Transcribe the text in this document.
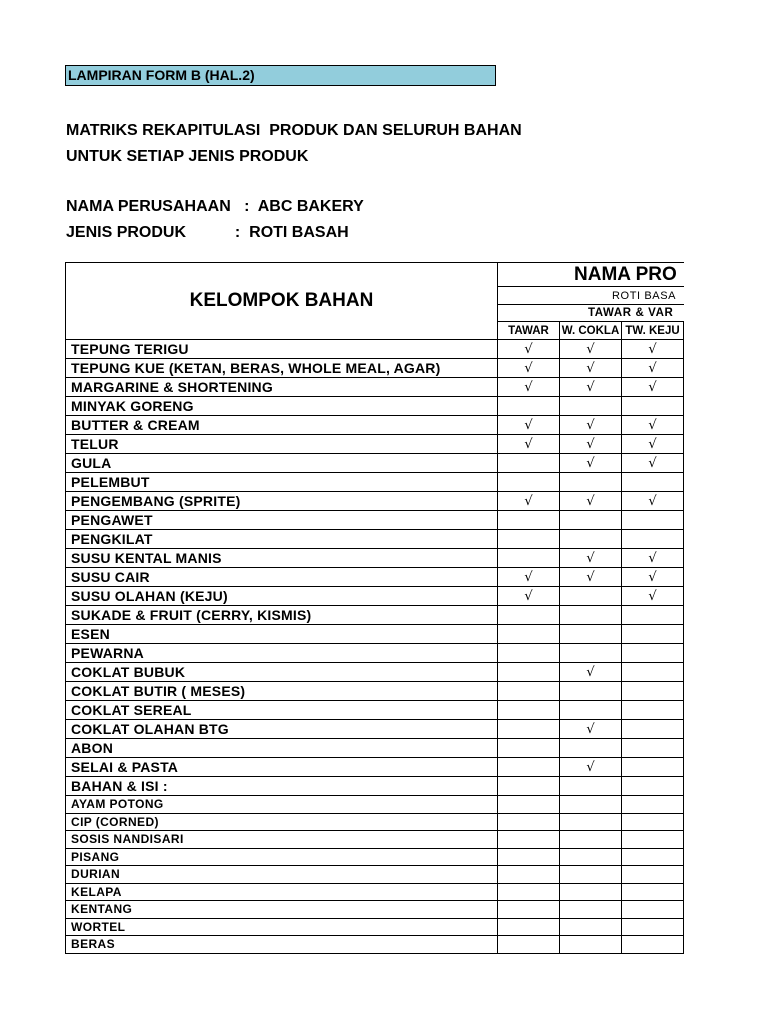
LAMPIRAN FORM B (HAL.2)
MATRIKS REKAPITULASI  PRODUK DAN SELURUH BAHAN
UNTUK SETIAP JENIS PRODUK
NAMA PERUSAHAAN   :  ABC BAKERY
JENIS PRODUK           :  ROTI BASAH
KELOMPOK BAHAN	NAMA PRO			
	ROTI BASA			
	TAWAR & VAR			
	TAWAR	W. COKLA	TW. KEJU	
TEPUNG TERIGU	√	√	√	
TEPUNG KUE (KETAN, BERAS, WHOLE MEAL, AGAR)	√	√	√	
MARGARINE & SHORTENING	√	√	√	
MINYAK GORENG				
BUTTER & CREAM	√	√	√	
TELUR	√	√	√	
GULA		√	√	
PELEMBUT				
PENGEMBANG (SPRITE)	√	√	√	
PENGAWET				
PENGKILAT				
SUSU KENTAL MANIS		√	√	
SUSU CAIR	√	√	√	
SUSU OLAHAN (KEJU)	√		√	
SUKADE & FRUIT (CERRY, KISMIS)				
ESEN				
PEWARNA				
COKLAT BUBUK		√		
COKLAT BUTIR ( MESES)				
COKLAT SEREAL				
COKLAT OLAHAN BTG		√		
ABON				
SELAI & PASTA		√		
BAHAN & ISI :				
AYAM POTONG				
CIP (CORNED)				
SOSIS NANDISARI				
PISANG				
DURIAN				
KELAPA				
KENTANG				
WORTEL				
BERAS				
